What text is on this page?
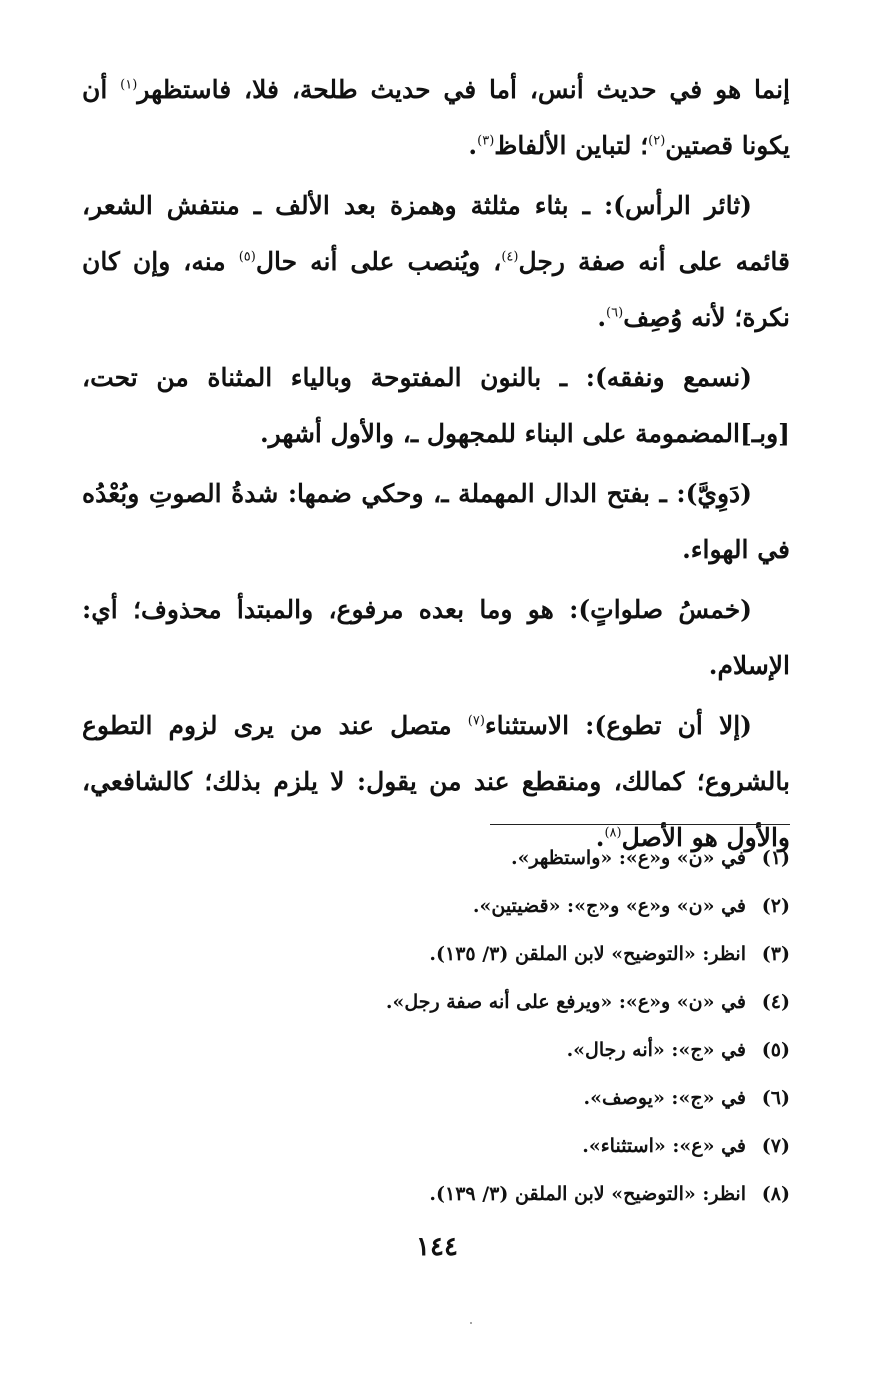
إنما هو في حديث أنس، أما في حديث طلحة، فلا، فاستظهر$^{(١)}$ أن يكونا قصتين$^{(٢)}$؛ لتباين الألفاظ$^{(٣)}$.

(ثائر الرأس): ـ بثاء مثلثة وهمزة بعد الألف ـ منتفش الشعر، قائمه على أنه صفة رجل$^{(٤)}$، ويُنصب على أنه حال$^{(٥)}$ منه، وإن كان نكرة؛ لأنه وُصِف$^{(٦)}$.

(نسمع ونفقه): ـ بالنون المفتوحة وبالياء المثناة من تحت، [وبـ]المضمومة على البناء للمجهول ـ، والأول أشهر.

(دَوِيَّ): ـ بفتح الدال المهملة ـ، وحكي ضمها: شدةُ الصوتِ وبُعْدُه في الهواء.

(خمسُ صلواتٍ): هو وما بعده مرفوع، والمبتدأ محذوف؛ أي: الإسلام.

(إلا أن تطوع): الاستثناء$^{(٧)}$ متصل عند من يرى لزوم التطوع بالشروع؛ كمالك، ومنقطع عند من يقول: لا يلزم بذلك؛ كالشافعي، والأول هو الأصل$^{(٨)}$.

(١)
في «ن» و«ع»: «واستظهر».
(٢)
في «ن» و«ع» و«ج»: «قضيتين».
(٣)
انظر: «التوضيح» لابن الملقن (٣/ ١٣٥).
(٤)
في «ن» و«ع»: «ويرفع على أنه صفة رجل».
(٥)
في «ج»: «أنه رجال».
(٦)
في «ج»: «يوصف».
(٧)
في «ع»: «استثناء».
(٨)
انظر: «التوضيح» لابن الملقن (٣/ ١٣٩).
١٤٤
